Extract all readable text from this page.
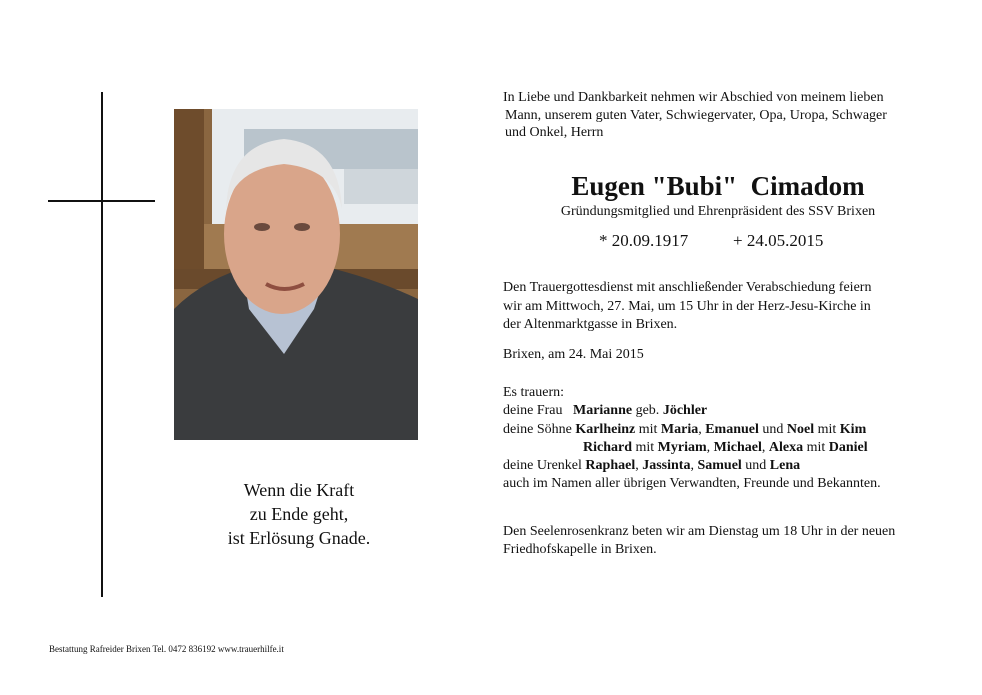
Wenn die Kraft
zu Ende geht,
ist Erlösung Gnade.
In Liebe und Dankbarkeit nehmen wir Abschied von meinem lieben
Mann, unserem guten Vater, Schwiegervater, Opa, Uropa, Schwager
und Onkel, Herrn
Eugen "Bubi"  Cimadom
Gründungsmitglied und Ehrenpräsident des SSV Brixen
* 20.09.1917	+ 24.05.2015
Den Trauergottesdienst mit anschließender Verabschiedung feiern
wir am Mittwoch, 27. Mai, um 15 Uhr in der Herz-Jesu-Kirche in
der Altenmarktgasse in Brixen.
Brixen, am 24. Mai 2015
Es trauern:
deine Frau Marianne geb. Jöchler
deine Söhne Karlheinz mit Maria, Emanuel und Noel mit Kim
Richard mit Myriam, Michael, Alexa mit Daniel
deine Urenkel Raphael, Jassinta, Samuel und Lena
auch im Namen aller übrigen Verwandten, Freunde und Bekannten.
Den Seelenrosenkranz beten wir am Dienstag um 18 Uhr in der neuen
Friedhofskapelle in Brixen.
Bestattung Rafreider Brixen Tel. 0472 836192 www.trauerhilfe.it
